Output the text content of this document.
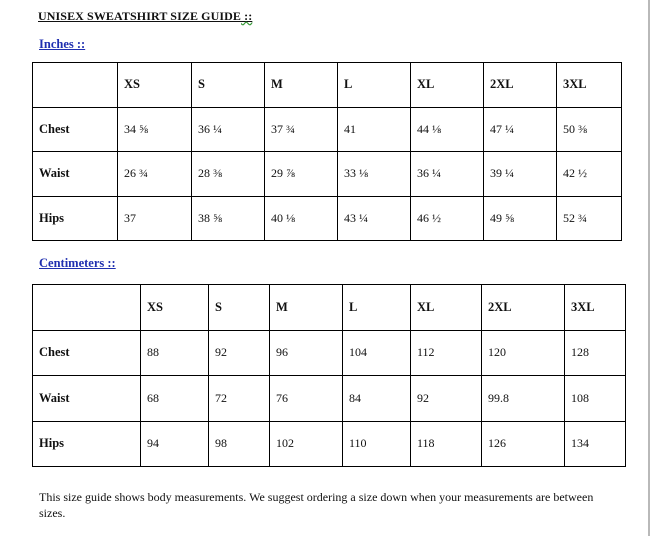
UNISEX SWEATSHIRT SIZE GUIDE ::
Inches ::
	XS	S	M	L	XL	2XL	3XL
Chest	34 ⅝	36 ¼	37 ¾	41	44 ⅛	47 ¼	50 ⅜
Waist	26 ¾	28 ⅜	29 ⅞	33 ⅛	36 ¼	39 ¼	42 ½
Hips	37	38 ⅝	40 ⅛	43 ¼	46 ½	49 ⅝	52 ¾
Centimeters ::
	XS	S	M	L	XL	2XL	3XL
Chest	88	92	96	104	112	120	128
Waist	68	72	76	84	92	99.8	108
Hips	94	98	102	110	118	126	134
This size guide shows body measurements. We suggest ordering a size down when your measurements are between sizes.
